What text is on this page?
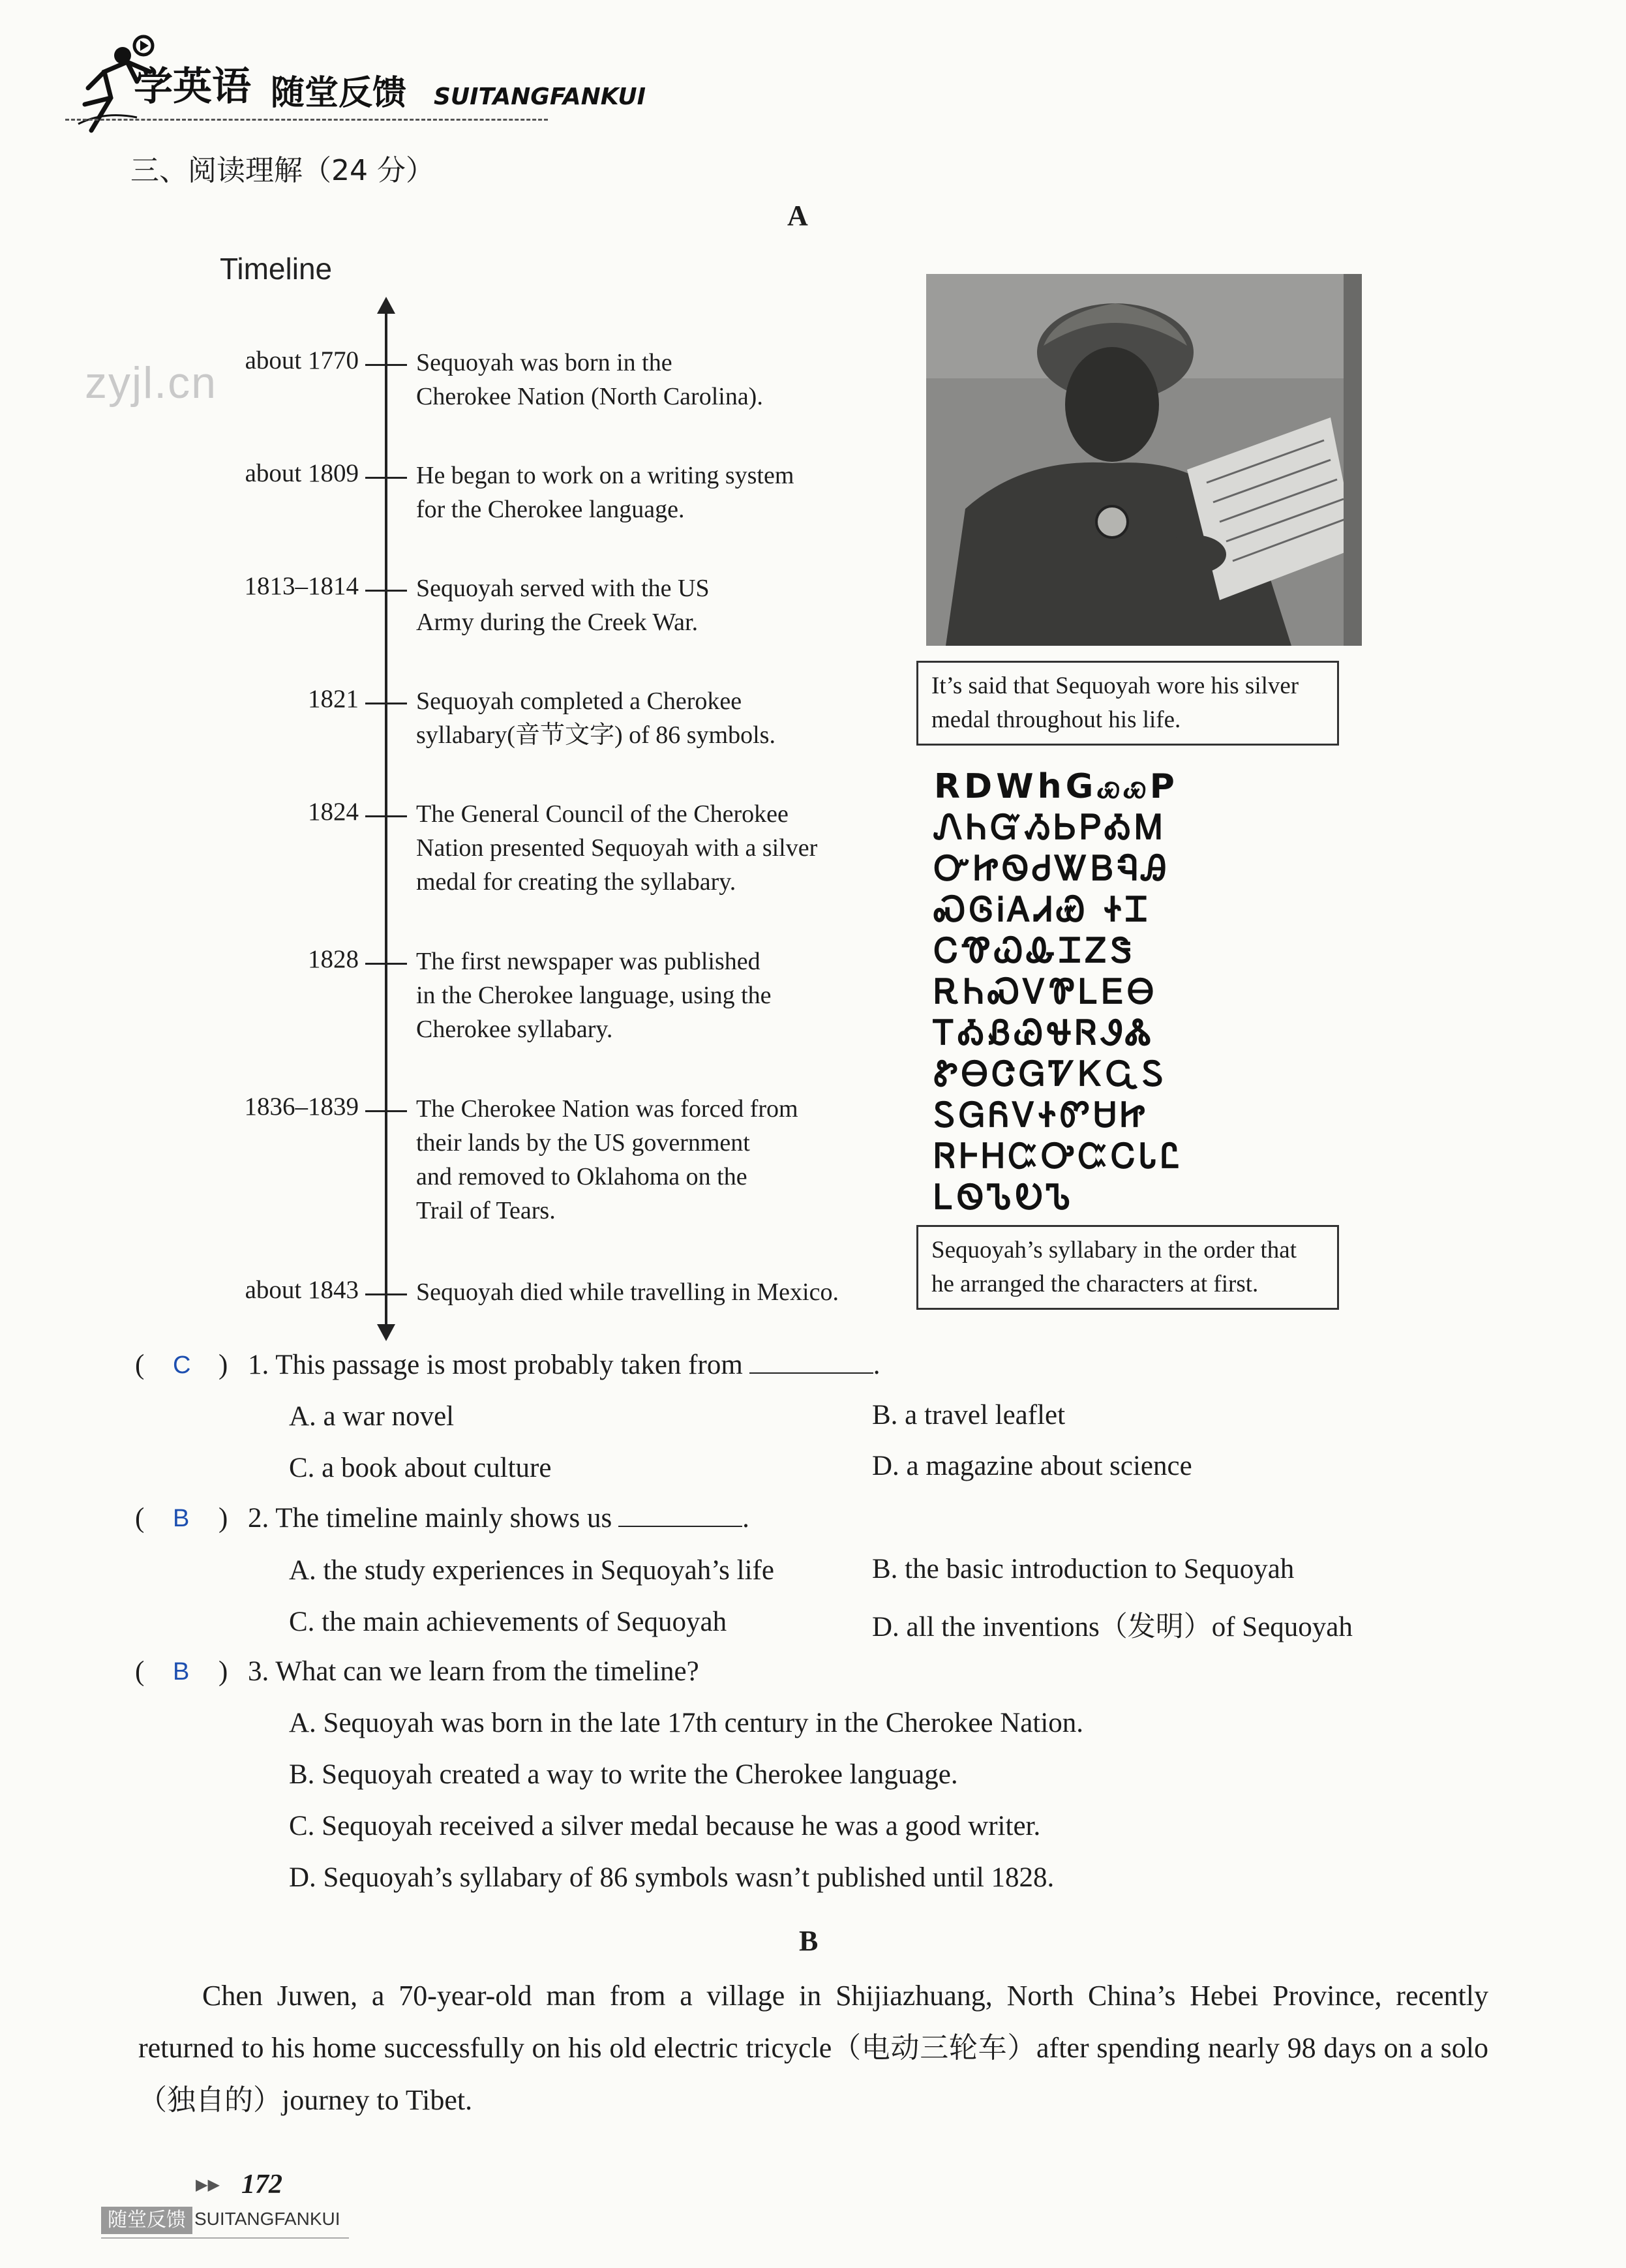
学英语 随堂反馈 SUITANGFANKUI
三、阅读理解（24 分）
zyjl.cn
A
Timeline
about 1770 Sequoyah was born in the
Cherokee Nation (North Carolina).
about 1809 He began to work on a writing system
for the Cherokee language.
1813–1814 Sequoyah served with the US
Army during the Creek War.
1821 Sequoyah completed a Cherokee
syllabary(音节文字) of 86 symbols.
1824 The General Council of the Cherokee
Nation presented Sequoyah with a silver
medal for creating the syllabary.
1828 The first newspaper was published
in the Cherokee language, using the
Cherokee syllabary.
1836–1839 The Cherokee Nation was forced from
their lands by the US government
and removed to Oklahoma on the
Trail of Tears.
about 1843 Sequoyah died while travelling in Mexico.
It’s said that Sequoyah wore his silver
medal throughout his life.
RDWhGꮿꮿP
ᏁᏂᏳᏱᏏᏢᎣᎷ
ᏅᏥᏫᏧᏔᏴᏄᎯ
ᏍᎶᎥᎪᏗᏯ ᏐᏆ
ᏟᏡᏇᎲᏆᏃᏕ
ᎡᏂᏍᏙᏈᏞᎬᎾ
ᎢᎣᏰᏊᏠᏒᏭᏜ
ᏑᎾᏣᏀᏤᏦᏩᏚ
ᏚᏀᏲᏙᏐᏛᏌᏥ
ᏒᎰᎻᏨᎤᏨᏟᏓᏝ
ᏞᏫᏖᎧᏖ
Sequoyah’s syllabary in the order that
he arranged the characters at first.
( C ) 1. This passage is most probably taken from	.
A. a war novel	B. a travel leaflet
C. a book about culture	D. a magazine about science
( B ) 2. The timeline mainly shows us	.
A. the study experiences in Sequoyah’s life	B. the basic introduction to Sequoyah
C. the main achievements of Sequoyah	D. all the inventions（发明）of Sequoyah
( B ) 3. What can we learn from the timeline?
A. Sequoyah was born in the late 17th century in the Cherokee Nation.
B. Sequoyah created a way to write the Cherokee language.
C. Sequoyah received a silver medal because he was a good writer.
D. Sequoyah’s syllabary of 86 symbols wasn’t published until 1828.
B
Chen Juwen, a 70-year-old man from a village in Shijiazhuang, North China’s Hebei Province, recently returned to his home successfully on his old electric tricycle（电动三轮车）after spending nearly 98 days on a solo（独自的）journey to Tibet.
▶▶ 172
随堂反馈 SUITANGFANKUI
